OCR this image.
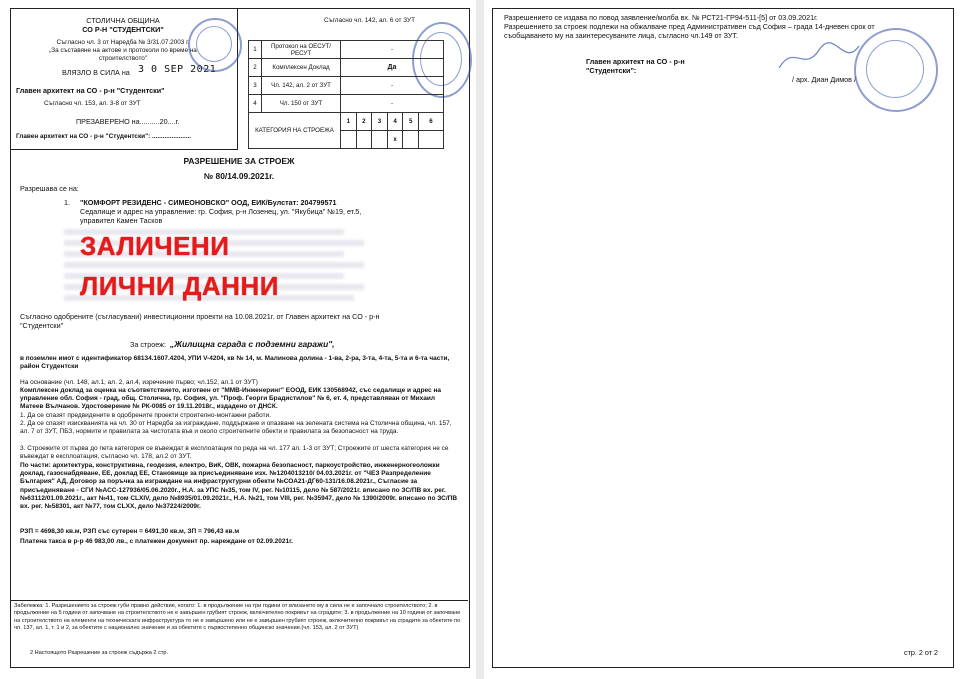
СТОЛИЧНА ОБЩИНА
СО Р-Н "СТУДЕНТСКИ"
Съгласно чл. 3 от Наредба № 3/31.07.2003 г.
„За съставяне на актове и протоколи по време на
строителството"
ВЛЯЗЛО В СИЛА на 3 0 SEP 2021
Главен архитект на СО - р-н "Студентски"
Съгласно чл. 153, ал. 3-8 от ЗУТ
ПРЕЗАВЕРЕНО на..........20....г.
Главен архитект на СО - р-н "Студентски": ......................
Съгласно чл. 142, ал. 6 от ЗУТ
1	Протокол на ОЕСУТ/РЕСУТ	-					
2	Комплексен Доклад	Да					
3	Чл. 142, ал. 2 от ЗУТ	-					
4	Чл. 150 от ЗУТ	-					
КАТЕГОРИЯ НА СТРОЕЖА		1	2	3	4	5	6
					х		
РАЗРЕШЕНИЕ ЗА СТРОЕЖ
№ 80/14.09.2021г.
Разрешава се на:
1. "КОМФОРТ РЕЗИДЕНС - СИМЕОНОВСКО" ООД, ЕИК/Булстат: 204799571
Седалище и адрес на управление: гр. София, р-н Лозенец, ул. "Якубица" №19, ет.5,
управител Камен Тасков
ЗАЛИЧЕНИ
ЛИЧНИ ДАННИ
Съгласно одобрените (съгласувани) инвестиционни проекти на 10.08.2021г. от Главен архитект на СО - р-н
"Студентски"
За строеж: „Жилищна сграда с подземни гаражи",
в поземлен имот с идентификатор 68134.1607.4204, УПИ V-4204, кв № 14, м. Малинова долина - 1-ва, 2-ра, 3-та, 4-та, 5-та и 6-та части, район Студентски
На основание (чл. 148, ал.1, ал. 2, ал.4, изречение първо; чл.152, ал.1 от ЗУТ)
Комплексен доклад за оценка на съответствието, изготвен от "ММВ-Инженеринг" ЕООД, ЕИК 130568942, със седалище и адрес на управление обл. София - град, общ. Столична, гр. София, ул. "Проф. Георги Брадистилов" № 6, ет. 4, представляван от Михаил Матеев Вълчанов. Удостоверение № РК-0085 от 19.11.2018г., издадено от ДНСК.
1. Да се спазят предвидените в одобрените проекти строително-монтажни работи.
2. Да се спазят изискванията на чл. 30 от Наредба за изграждане, поддържане и опазване на зелената система на Столична община, чл. 157, ал. 7 от ЗУТ, ПБЗ, нормите и правилата за чистотата във и около строителните обекти и правилата за безопасност на труда.
3. Строежите от първа до пета категория се въвеждат в експлоатация по реда на чл. 177 ал. 1-3 от ЗУТ; Строежите от шеста категория не се въвеждат в експлоатация, съгласно чл. 178, ал.2 от ЗУТ.
По части: архитектура, конструктивна, геодезия, електро, ВиК, ОВК, пожарна безопасност, паркоустройство, инженерногеоложки доклад, газоснабдяване, ЕЕ, доклад ЕЕ, Становище за присъединяване изх. №1204013210/ 04.03.2021г. от "ЧЕЗ Разпределение България" АД, Договор за поръчка за изграждане на инфраструктурни обекти №СОА21-ДГ60-131/16.08.2021г., Съгласие за присъединяване - СГИ №АСС-127936/05.06.2020г., Н.А. за УПС №35, том IV, рег. №10115, дело № 587/2021г. вписано по ЗС/ПВ вх. рег. №63112/01.09.2021г., акт №41, том CLXIV, дело №8935/01.09.2021г., Н.А. №21, том VIII, рег. №35947, дело № 1390/2009г. вписано по ЗС/ПВ вх. рег. №58301, акт №77, том CLXX, дело №37224/2009г.
РЗП = 4698,30 кв.м, РЗП със сутерен = 6491,30 кв.м, ЗП = 796,43 кв.м
Платена такса в р-р 46 983,00 лв., с платежен документ пр. нареждане от 02.09.2021г.
Забележка: 1. Разрешението за строеж губи правно действие, когато: 1. в продължение на три години от влизането му в сила не е започнало строителството; 2. в продължение на 5 години от започване на строителството не е завършен грубият строеж, включително покривът на сградите; 3. в продължение на 10 години от започване на строителството на елементи на техническата инфраструктура то не е завършено или не е завършен грубият строеж, включително покривът на сградите за обектите по чл. 137, ал. 1, т. 1 и 2, за обектите с национално значение и за обектите с първостепенно общинско значение.(чл. 153, ал. 2 от ЗУТ)
2 Настоящото Разрешение за строеж съдържа 2 стр.
Разрешението се издава по повод заявление/молба вх. № РСТ21-ГР94-511-[5] от 03.09.2021г.
Разрешението за строеж подлежи на обжалване пред Административен съд София – града 14-дневен срок от
съобщаването му на заинтересуваните лица, съгласно чл.149 от ЗУТ.
Главен архитект на СО - р-н
"Студентски":
/ арх. Диан Димов /
стр. 2 от 2
